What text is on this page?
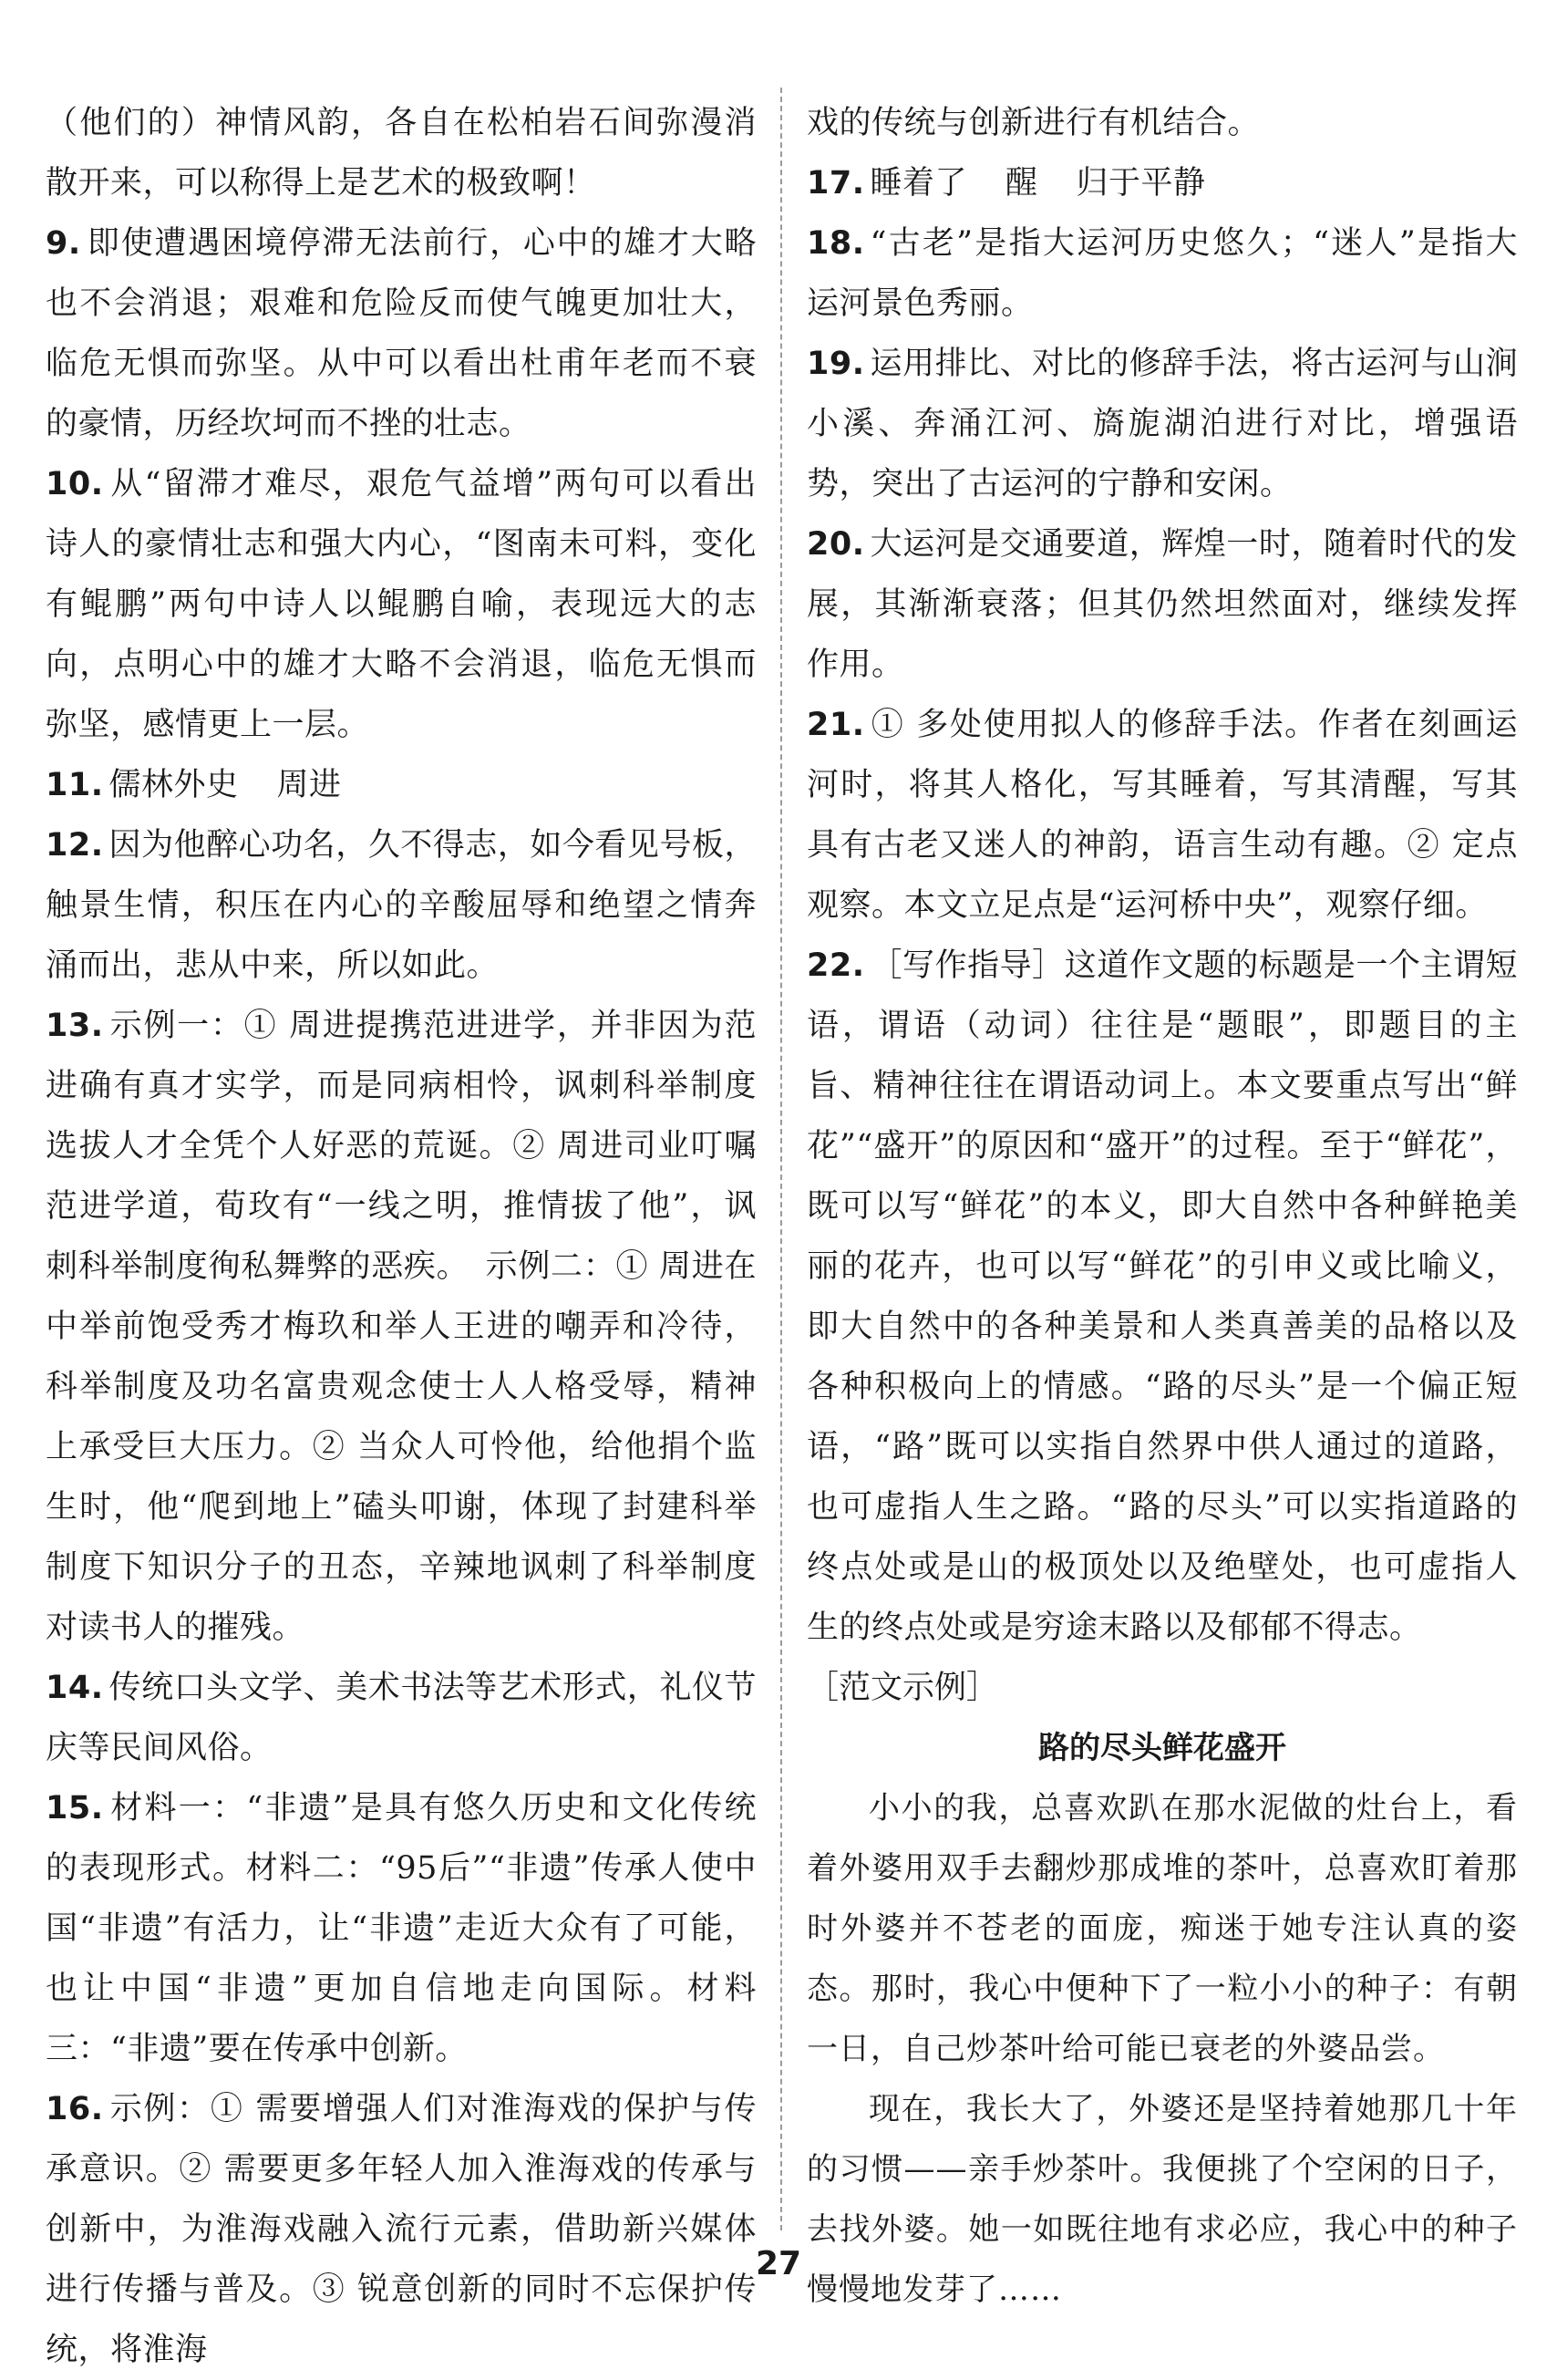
（他们的）神情风韵，各自在松柏岩石间弥漫消散开来，可以称得上是艺术的极致啊！

9. 即使遭遇困境停滞无法前行，心中的雄才大略也不会消退；艰难和危险反而使气魄更加壮大，临危无惧而弥坚。从中可以看出杜甫年老而不衰的豪情，历经坎坷而不挫的壮志。

10. 从“留滞才难尽，艰危气益增”两句可以看出诗人的豪情壮志和强大内心，“图南未可料，变化有鲲鹏”两句中诗人以鲲鹏自喻，表现远大的志向，点明心中的雄才大略不会消退，临危无惧而弥坚，感情更上一层。

11. 儒林外史 周进

12. 因为他醉心功名，久不得志，如今看见号板，触景生情，积压在内心的辛酸屈辱和绝望之情奔涌而出，悲从中来，所以如此。

13. 示例一：① 周进提携范进进学，并非因为范进确有真才实学，而是同病相怜，讽刺科举制度选拔人才全凭个人好恶的荒诞。② 周进司业叮嘱范进学道，荀玫有“一线之明，推情拔了他”，讽刺科举制度徇私舞弊的恶疾。　示例二：① 周进在中举前饱受秀才梅玖和举人王进的嘲弄和冷待，科举制度及功名富贵观念使士人人格受辱，精神上承受巨大压力。② 当众人可怜他，给他捐个监生时，他“爬到地上”磕头叩谢，体现了封建科举制度下知识分子的丑态，辛辣地讽刺了科举制度对读书人的摧残。

14. 传统口头文学、美术书法等艺术形式，礼仪节庆等民间风俗。

15. 材料一：“非遗”是具有悠久历史和文化传统的表现形式。材料二：“95后”“非遗”传承人使中国“非遗”有活力，让“非遗”走近大众有了可能，也让中国“非遗”更加自信地走向国际。材料三：“非遗”要在传承中创新。

16. 示例：① 需要增强人们对淮海戏的保护与传承意识。② 需要更多年轻人加入淮海戏的传承与创新中，为淮海戏融入流行元素，借助新兴媒体进行传播与普及。③ 锐意创新的同时不忘保护传统，将淮海

戏的传统与创新进行有机结合。

17. 睡着了 醒 归于平静

18. “古老”是指大运河历史悠久；“迷人”是指大运河景色秀丽。

19. 运用排比、对比的修辞手法，将古运河与山涧小溪、奔涌江河、旖旎湖泊进行对比，增强语势，突出了古运河的宁静和安闲。

20. 大运河是交通要道，辉煌一时，随着时代的发展，其渐渐衰落；但其仍然坦然面对，继续发挥作用。

21. ① 多处使用拟人的修辞手法。作者在刻画运河时，将其人格化，写其睡着，写其清醒，写其具有古老又迷人的神韵，语言生动有趣。② 定点观察。本文立足点是“运河桥中央”，观察仔细。

22. ［写作指导］这道作文题的标题是一个主谓短语，谓语（动词）往往是“题眼”，即题目的主旨、精神往往在谓语动词上。本文要重点写出“鲜花”“盛开”的原因和“盛开”的过程。至于“鲜花”，既可以写“鲜花”的本义，即大自然中各种鲜艳美丽的花卉，也可以写“鲜花”的引申义或比喻义，即大自然中的各种美景和人类真善美的品格以及各种积极向上的情感。“路的尽头”是一个偏正短语，“路”既可以实指自然界中供人通过的道路，也可虚指人生之路。“路的尽头”可以实指道路的终点处或是山的极顶处以及绝壁处，也可虚指人生的终点处或是穷途末路以及郁郁不得志。

［范文示例］

路的尽头鲜花盛开

小小的我，总喜欢趴在那水泥做的灶台上，看着外婆用双手去翻炒那成堆的茶叶，总喜欢盯着那时外婆并不苍老的面庞，痴迷于她专注认真的姿态。那时，我心中便种下了一粒小小的种子：有朝一日，自己炒茶叶给可能已衰老的外婆品尝。

现在，我长大了，外婆还是坚持着她那几十年的习惯——亲手炒茶叶。我便挑了个空闲的日子，去找外婆。她一如既往地有求必应，我心中的种子慢慢地发芽了……

27
